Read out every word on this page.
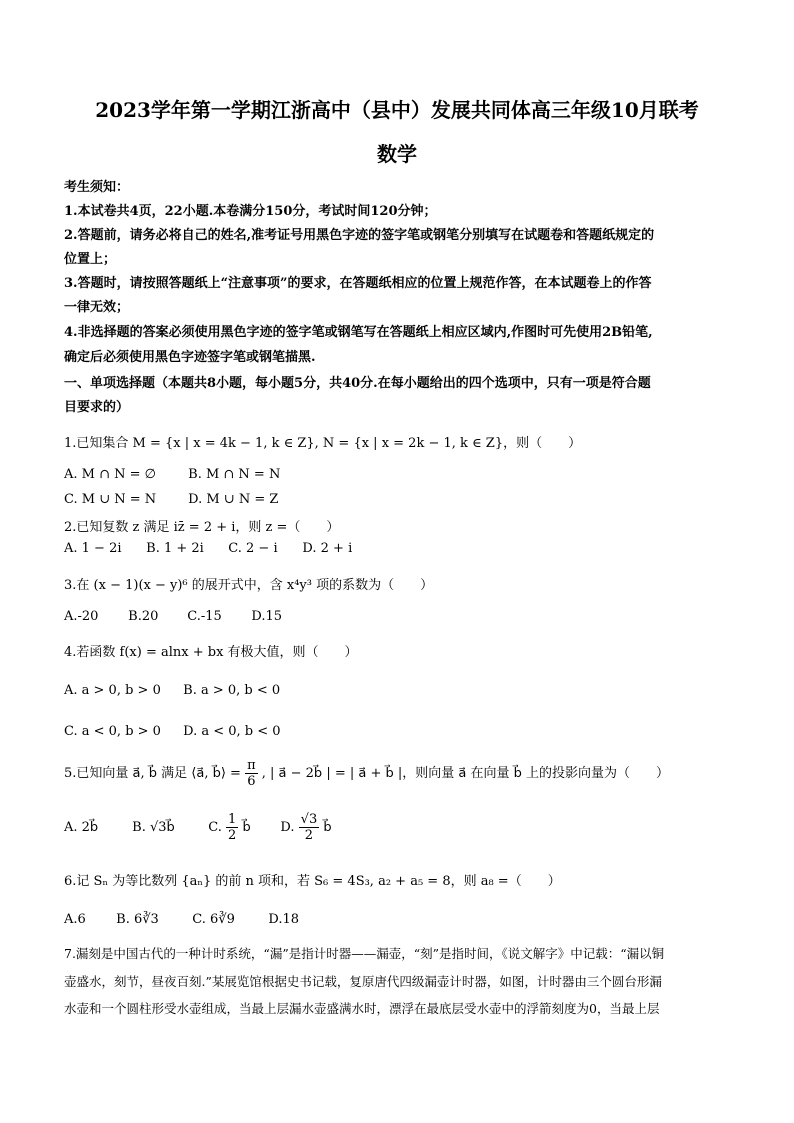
2023学年第一学期江浙高中（县中）发展共同体高三年级10月联考
数学
考生须知：
1.本试卷共4页，22小题.本卷满分150分，考试时间120分钟；
2.答题前，请务必将自己的姓名,准考证号用黑色字迹的签字笔或钢笔分别填写在试题卷和答题纸规定的
位置上；
3.答题时，请按照答题纸上“注意事项”的要求，在答题纸相应的位置上规范作答，在本试题卷上的作答
一律无效；
4.非选择题的答案必须使用黑色字迹的签字笔或钢笔写在答题纸上相应区域内,作图时可先使用2B铅笔,
确定后必须使用黑色字迹签字笔或钢笔描黑.
一、单项选择题（本题共8小题，每小题5分，共40分.在每小题给出的四个选项中，只有一项是符合题
目要求的）
1.已知集合 M = {x | x = 4k − 1, k ∈ Z}, N = {x | x = 2k − 1, k ∈ Z}，则（　　）
A. M ∩ N = ∅ B. M ∩ N = N
C. M ∪ N = N D. M ∪ N = Z
2.已知复数 z 满足 iz̄ = 2 + i，则 z =（　　）
A. 1 − 2i B. 1 + 2i C. 2 − i D. 2 + i
3.在 (x − 1)(x − y)⁶ 的展开式中，含 x⁴y³ 项的系数为（　　）
A.-20 B.20 C.-15 D.15
4.若函数 f(x) = alnx + bx 有极大值，则（　　）
A. a > 0, b > 0 B. a > 0, b < 0
C. a < 0, b > 0 D. a < 0, b < 0
5.已知向量 a⃗, b⃗ 满足 ⟨a⃗, b⃗⟩ = $\frac{\pi}{6}$ , | a⃗ − 2b⃗ | = | a⃗ + b⃗ |，则向量 a⃗ 在向量 b⃗ 上的投影向量为（　　）
A. 2b⃗	B. √3b⃗	C. $\frac{1}{2}$ b⃗ D. $\frac{√3}{2}$ b⃗
6.记 Sₙ 为等比数列 {aₙ} 的前 n 项和，若 S₆ = 4S₃, a₂ + a₅ = 8，则 a₈ =（　　）
A.6 B. 6∛3	C. 6∛9	D.18
7.漏刻是中国古代的一种计时系统，“漏”是指计时器——漏壶，“刻”是指时间，《说文解字》中记载：“漏以铜
壶盛水，刻节，昼夜百刻.”某展览馆根据史书记载，复原唐代四级漏壶计时器，如图，计时器由三个圆台形漏
水壶和一个圆柱形受水壶组成，当最上层漏水壶盛满水时，漂浮在最底层受水壶中的浮箭刻度为0，当最上层
